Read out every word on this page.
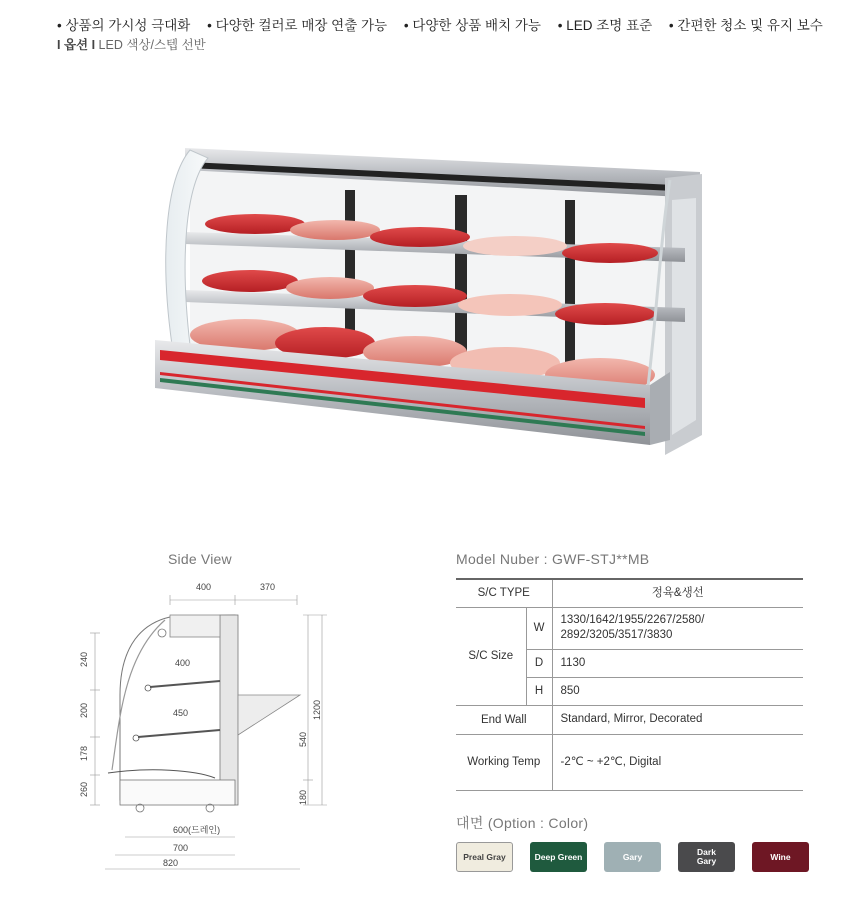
• 상품의 가시성 극대화 • 다양한 컬러로 매장 연출 가능 • 다양한 상품 배치 가능 • LED 조명 표준 • 간편한 청소 및 유지 보수
I 옵션 I LED 색상/스텝 선반
Side View
400	370
400
450
240
200
178
260
540
1200
180
600(드레인)
700
820
Model Nuber : GWF-STJ**MB
S/C TYPE		정육&생선
S/C Size	W	1330/1642/1955/2267/2580/
2892/3205/3517/3830

	D	1130
	H	850
End Wall		Standard, Mirror, Decorated
Working Temp		-2℃ ~ +2℃, Digital
대면 (Option : Color)
Preal Gray	Deep Green	Gary	Dark Gary	Wine
